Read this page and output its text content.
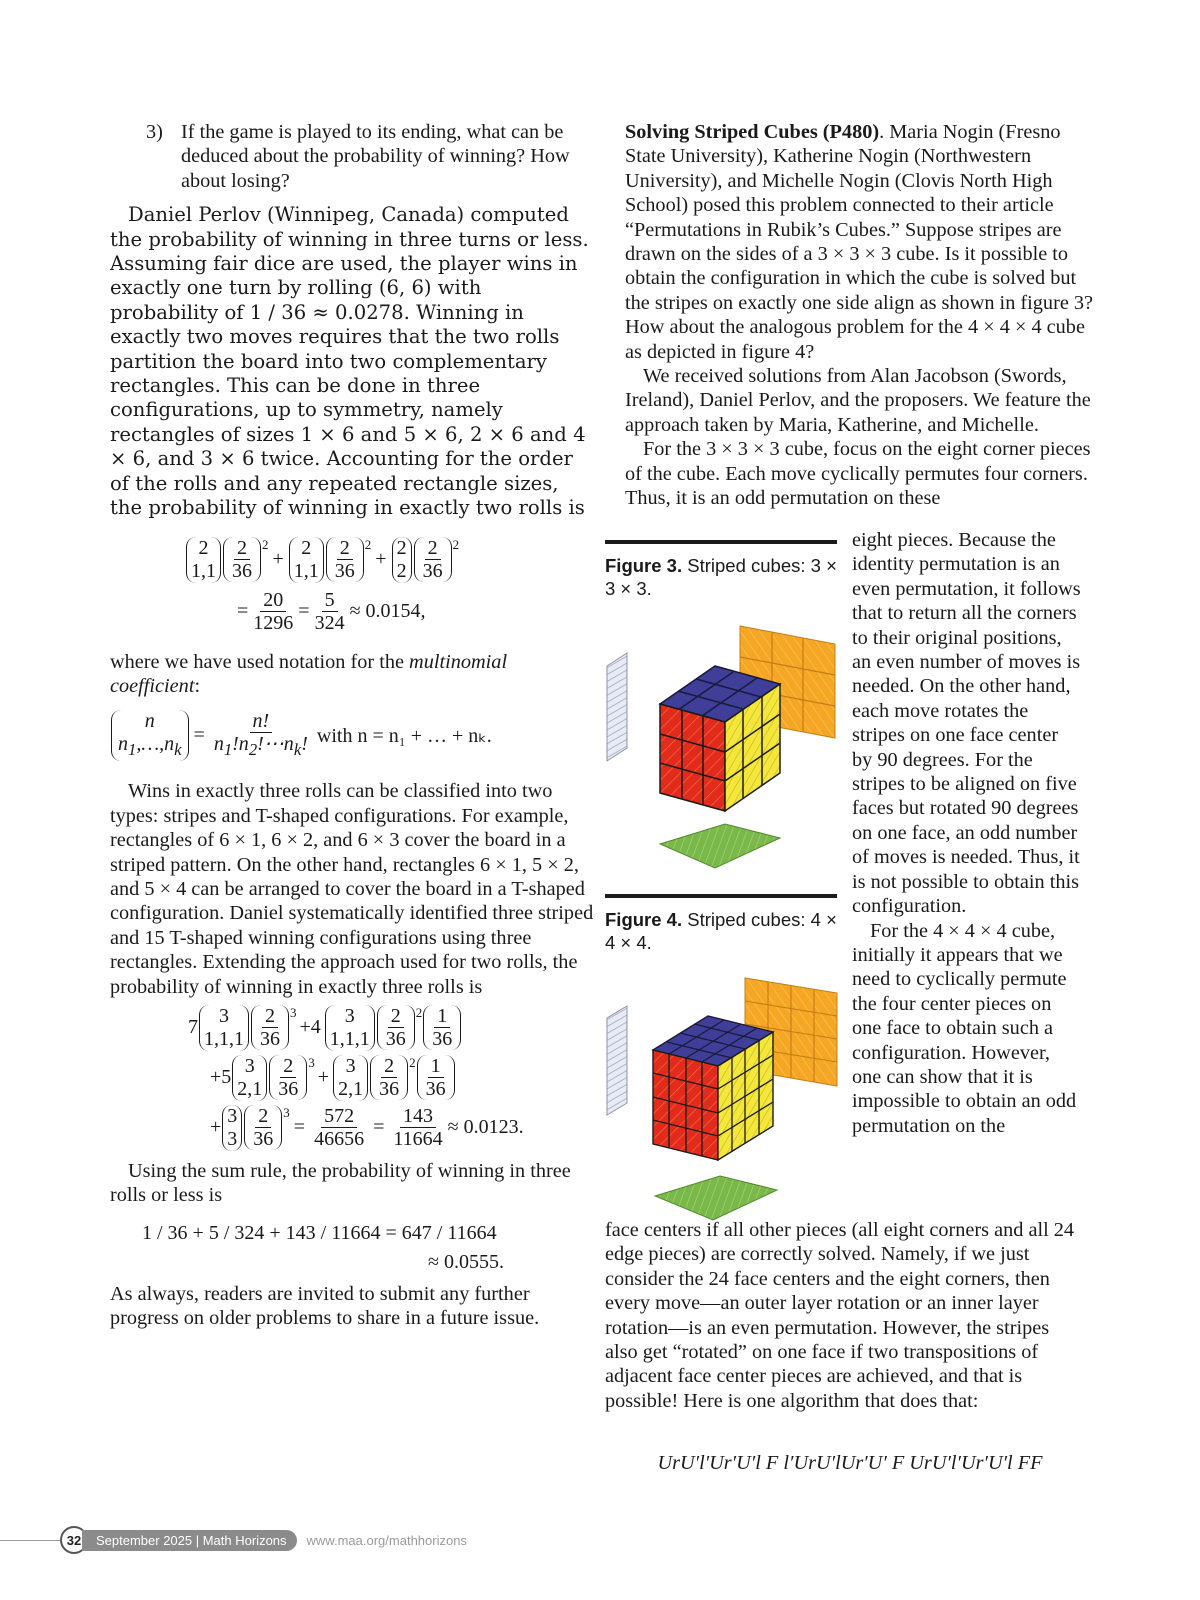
3) If the game is played to its ending, what can be deduced about the probability of winning? How about losing?

Daniel Perlov (Winnipeg, Canada) computed the probability of winning in three turns or less. Assuming fair dice are used, the player wins in exactly one turn by rolling (6, 6) with probability of 1 / 36 ≈ 0.0278. Winning in exactly two moves requires that the two rolls partition the board into two complementary rectangles. This can be done in three configurations, up to symmetry, namely rectangles of sizes 1 × 6 and 5 × 6, 2 × 6 and 4 × 6, and 3 × 6 twice. Accounting for the order of the rolls and any repeated rectangle sizes, the probability of winning in exactly two rolls is

2
$1,1 \frac{2}{36} ^2$
+
2
$1,1 \frac{2}{36} ^2$
+
2
$2 \frac{2}{36} ^2$
= $\frac{20}{1296} = \frac{5}{324} \approx 0.0154$,

where we have used notation for the multinomial coefficient:

n
$n_1,\dots,n_k$
= $\frac{n!}{n_1!n_2!\cdots n_k!}$ with n = n₁ + … + nₖ.

Wins in exactly three rolls can be classified into two types: stripes and T-shaped configurations. For example, rectangles of 6 × 1, 6 × 2, and 6 × 3 cover the board in a striped pattern. On the other hand, rectangles 6 × 1, 5 × 2, and 5 × 4 can be arranged to cover the board in a T-shaped configuration. Daniel systematically identified three striped and 15 T-shaped winning configurations using three rectangles. Extending the approach used for two rolls, the probability of winning in exactly three rolls is

7
3
$1,1,1 \frac{2}{36} ^3$
+4
3
$1,1,1 \frac{2}{36} ^2 \frac{1}{36}$
+5
3
$2,1 \frac{2}{36} ^3$
+
3
$2,1 \frac{2}{36} ^2 \frac{1}{36}$
+
3
$3 \frac{2}{36} ^3$
= $\frac{572}{46656} = \frac{143}{11664} \approx 0.0123$.

Using the sum rule, the probability of winning in three rolls or less is

1 / 36 + 5 / 324 + 143 / 11664 = 647 / 11664
≈ 0.0555.

As always, readers are invited to submit any further progress on older problems to share in a future issue.

Solving Striped Cubes (P480). Maria Nogin (Fresno State University), Katherine Nogin (Northwestern University), and Michelle Nogin (Clovis North High School) posed this problem connected to their article “Permutations in Rubik’s Cubes.” Suppose stripes are drawn on the sides of a 3 × 3 × 3 cube. Is it possible to obtain the configuration in which the cube is solved but the stripes on exactly one side align as shown in figure 3? How about the analogous problem for the 4 × 4 × 4 cube as depicted in figure 4?

We received solutions from Alan Jacobson (Swords, Ireland), Daniel Perlov, and the proposers. We feature the approach taken by Maria, Katherine, and Michelle.

For the 3 × 3 × 3 cube, focus on the eight corner pieces of the cube. Each move cyclically permutes four corners. Thus, it is an odd permutation on these

eight pieces. Because the identity permutation is an even permutation, it follows that to return all the corners to their original positions, an even number of moves is needed. On the other hand, each move rotates the stripes on one face center by 90 degrees. For the stripes to be aligned on five faces but rotated 90 degrees on one face, an odd number of moves is needed. Thus, it is not possible to obtain this configuration.

For the 4 × 4 × 4 cube, initially it appears that we need to cyclically permute the four center pieces on one face to obtain such a configuration. However, one can show that it is impossible to obtain an odd permutation on the

face centers if all other pieces (all eight corners and all 24 edge pieces) are correctly solved. Namely, if we just consider the 24 face centers and the eight corners, then every move—an outer layer rotation or an inner layer rotation—is an even permutation. However, the stripes also get “rotated” on one face if two transpositions of adjacent face center pieces are achieved, and that is possible! Here is one algorithm that does that:

UrU′l′Ur′U′l F l′UrU′lUr′U′ F UrU′l′Ur′U′l FF
Figure 3. Striped cubes: 3 × 3 × 3.
Figure 4. Striped cubes: 4 × 4 × 4.
32	September 2025 | Math Horizons	www.maa.org/mathhorizons
